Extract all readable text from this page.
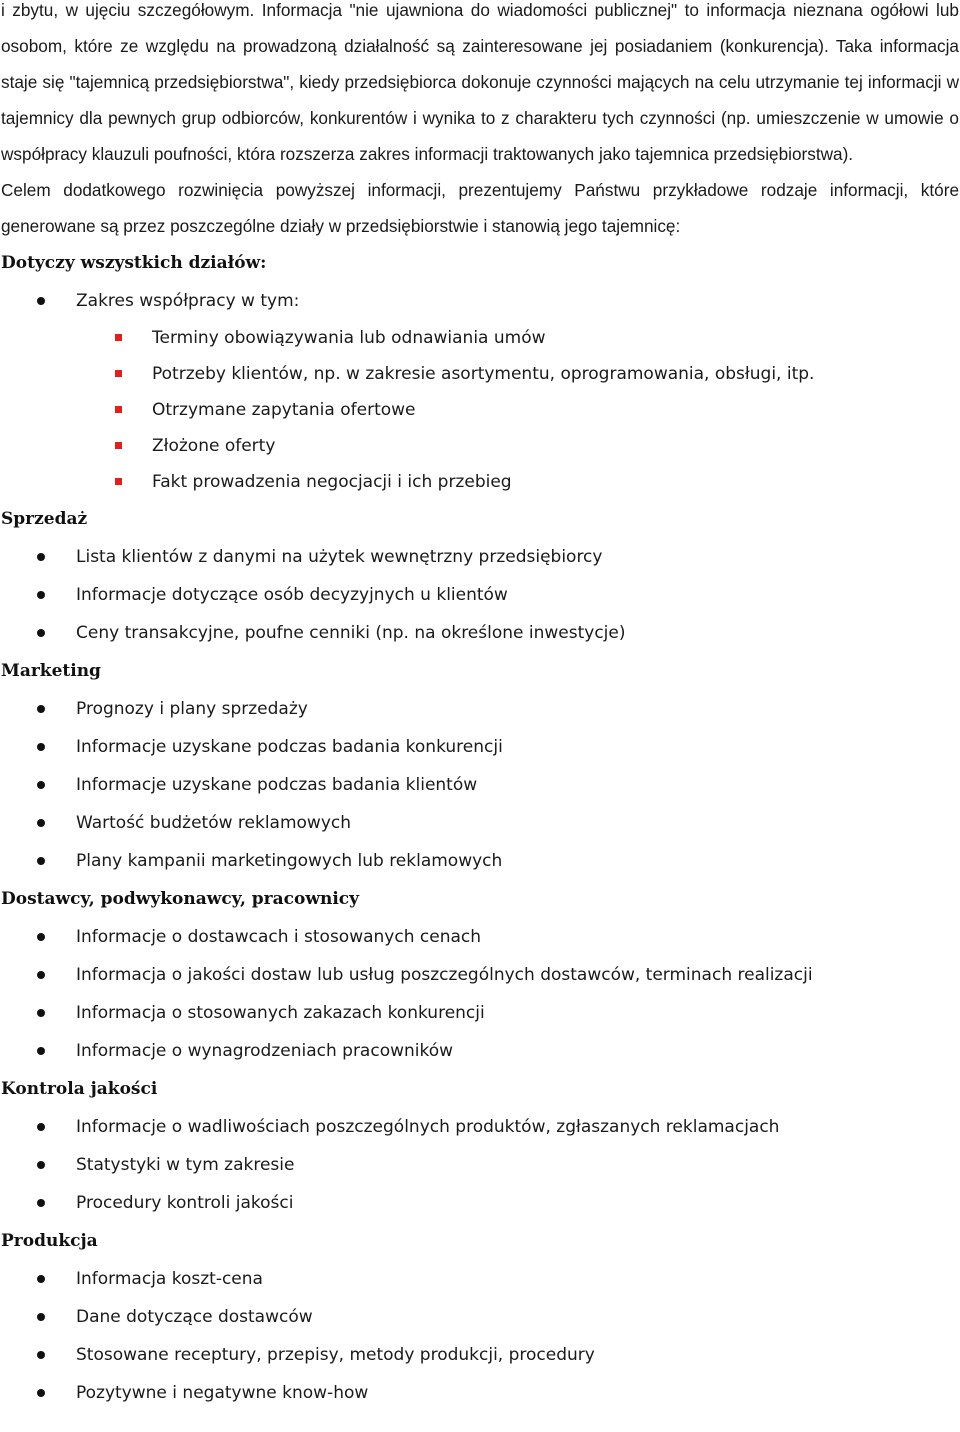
i zbytu, w ujęciu szczegółowym. Informacja "nie ujawniona do wiadomości publicznej" to informacja nieznana ogółowi lub osobom, które ze względu na prowadzoną działalność są zainteresowane jej posiadaniem (konkurencja). Taka informacja staje się "tajemnicą przedsiębiorstwa", kiedy przedsiębiorca dokonuje czynności mających na celu utrzymanie tej informacji w tajemnicy dla pewnych grup odbiorców, konkurentów i wynika to z charakteru tych czynności (np. umieszczenie w umowie o współpracy klauzuli poufności, która rozszerza zakres informacji traktowanych jako tajemnica przedsiębiorstwa).

Celem dodatkowego rozwinięcia powyższej informacji, prezentujemy Państwu przykładowe rodzaje informacji, które generowane są przez poszczególne działy w przedsiębiorstwie i stanowią jego tajemnicę:

Dotyczy wszystkich działów:
Zakres współpracy w tym:
Terminy obowiązywania lub odnawiania umów
Potrzeby klientów, np. w zakresie asortymentu, oprogramowania, obsługi, itp.
Otrzymane zapytania ofertowe
Złożone oferty
Fakt prowadzenia negocjacji i ich przebieg
Sprzedaż
Lista klientów z danymi na użytek wewnętrzny przedsiębiorcy
Informacje dotyczące osób decyzyjnych u klientów
Ceny transakcyjne, poufne cenniki (np. na określone inwestycje)
Marketing
Prognozy i plany sprzedaży
Informacje uzyskane podczas badania konkurencji
Informacje uzyskane podczas badania klientów
Wartość budżetów reklamowych
Plany kampanii marketingowych lub reklamowych
Dostawcy, podwykonawcy, pracownicy
Informacje o dostawcach i stosowanych cenach
Informacja o jakości dostaw lub usług poszczególnych dostawców, terminach realizacji
Informacja o stosowanych zakazach konkurencji
Informacje o wynagrodzeniach pracowników
Kontrola jakości
Informacje o wadliwościach poszczególnych produktów, zgłaszanych reklamacjach
Statystyki w tym zakresie
Procedury kontroli jakości
Produkcja
Informacja koszt-cena
Dane dotyczące dostawców
Stosowane receptury, przepisy, metody produkcji, procedury
Pozytywne i negatywne know-how
